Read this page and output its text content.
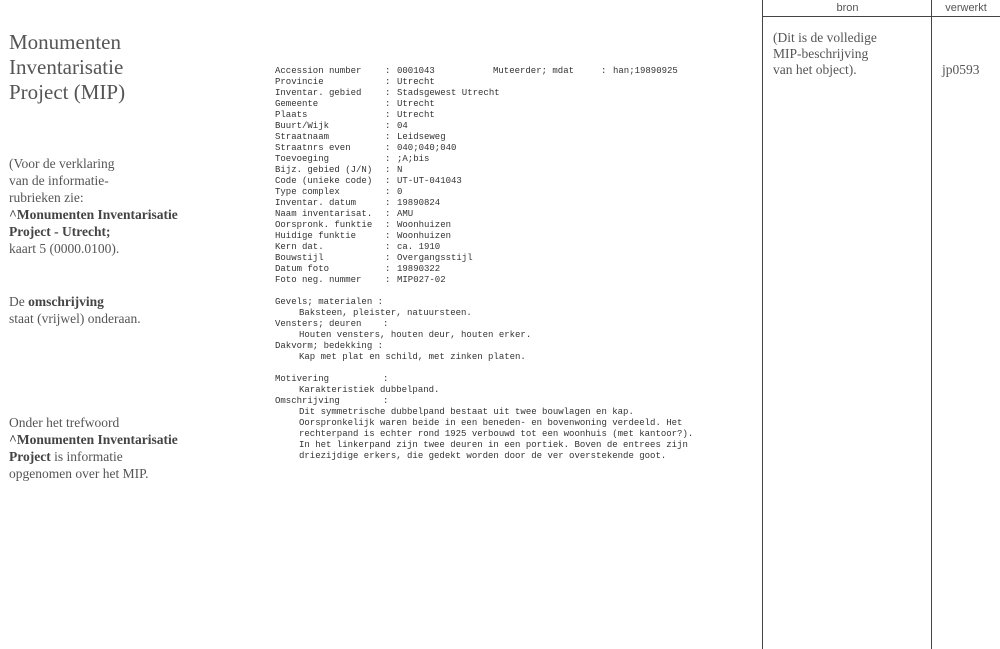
Monumenten
Inventarisatie
Project (MIP)
(Voor de verklaring
van de informatie-
rubrieken zie:
^Monumenten Inventarisatie
Project - Utrecht;
kaart 5 (0000.0100).
De omschrijving
staat (vrijwel) onderaan.
Onder het trefwoord
^Monumenten Inventarisatie
Project is informatie
opgenomen over het MIP.
Accession number	: 0001043
Provincie	: Utrecht
Inventar. gebied	: Stadsgewest Utrecht
Gemeente	: Utrecht
Plaats	: Utrecht
Buurt/Wijk	: 04
Straatnaam	: Leidseweg
Straatnrs even	: 040;040;040
Toevoeging	: ;A;bis
Bijz. gebied (J/N) : N
Code (unieke code) : UT-UT-041043
Type complex	: 0
Inventar. datum	: 19890824
Naam inventarisat. : AMU
Oorspronk. funktie : Woonhuizen
Huidige funktie	: Woonhuizen
Kern dat.	: ca. 1910
Bouwstijl	: Overgangsstijl
Datum foto	: 19890322
Foto neg. nummer	: MIP027-02
Muteerder; mdat	: han;19890925
Gevels; materialen :
Baksteen, pleister, natuursteen.
Vensters; deuren    :
Houten vensters, houten deur, houten erker.
Dakvorm; bedekking :
Kap met plat en schild, met zinken platen.
Motivering          :
Karakteristiek dubbelpand.
Omschrijving        :
Dit symmetrische dubbelpand bestaat uit twee bouwlagen en kap.
Oorspronkelijk waren beide in een beneden- en bovenwoning verdeeld. Het
rechterpand is echter rond 1925 verbouwd tot een woonhuis (met kantoor?).
In het linkerpand zijn twee deuren in een portiek. Boven de entrees zijn
driezijdige erkers, die gedekt worden door de ver overstekende goot.
bron	verwerkt
(Dit is de volledige
MIP-beschrijving
van het object).	jp0593
